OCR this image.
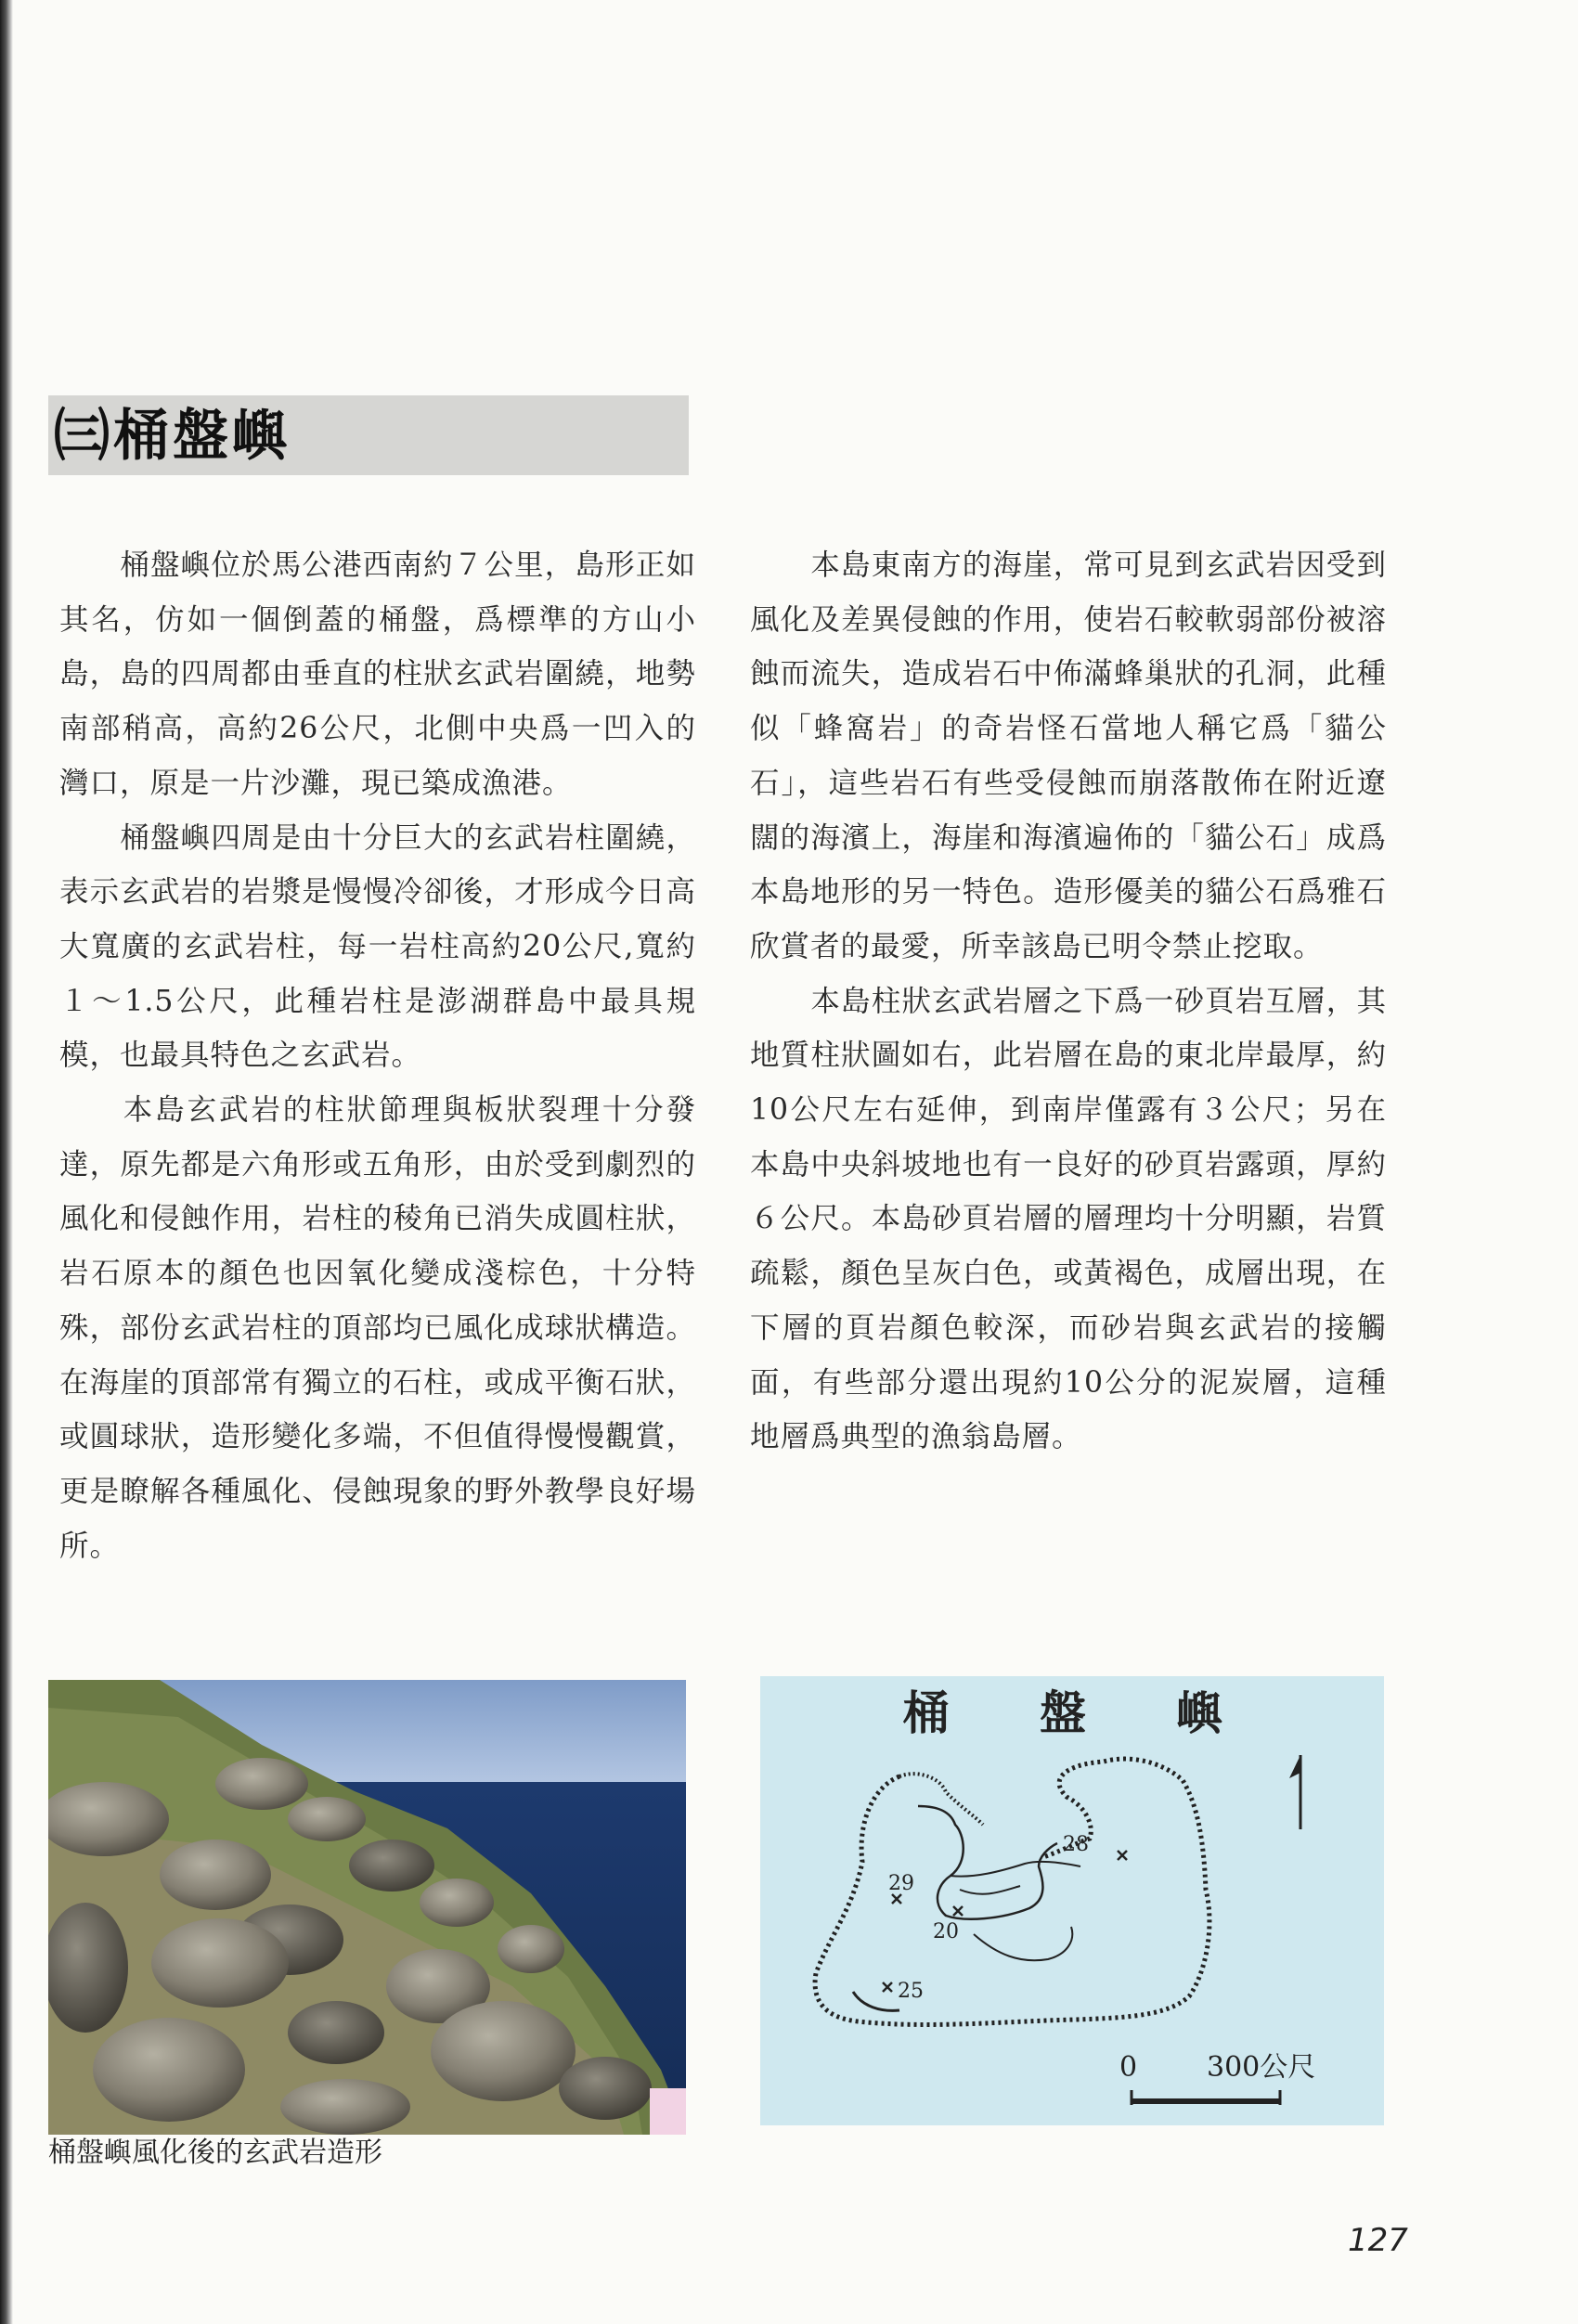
㈢桶盤嶼

　　桶盤嶼位於馬公港西南約７公里，島形正如其名，仿如一個倒蓋的桶盤，爲標準的方山小島，島的四周都由垂直的柱狀玄武岩圍繞，地勢南部稍高，高約26公尺，北側中央爲一凹入的灣口，原是一片沙灘，現已築成漁港。

　　桶盤嶼四周是由十分巨大的玄武岩柱圍繞，表示玄武岩的岩漿是慢慢冷卻後，才形成今日高大寬廣的玄武岩柱，每一岩柱高約20公尺,寬約１～1.5公尺，此種岩柱是澎湖群島中最具規模，也最具特色之玄武岩。

　　本島玄武岩的柱狀節理與板狀裂理十分發達，原先都是六角形或五角形，由於受到劇烈的風化和侵蝕作用，岩柱的稜角已消失成圓柱狀，岩石原本的顏色也因氧化變成淺棕色，十分特殊，部份玄武岩柱的頂部均已風化成球狀構造。在海崖的頂部常有獨立的石柱，或成平衡石狀，或圓球狀，造形變化多端，不但值得慢慢觀賞，更是瞭解各種風化、侵蝕現象的野外教學良好場所。

　　本島東南方的海崖，常可見到玄武岩因受到風化及差異侵蝕的作用，使岩石較軟弱部份被溶蝕而流失，造成岩石中佈滿蜂巢狀的孔洞，此種似「蜂窩岩」的奇岩怪石當地人稱它爲「貓公石」，這些岩石有些受侵蝕而崩落散佈在附近遼闊的海濱上，海崖和海濱遍佈的「貓公石」成爲本島地形的另一特色。造形優美的貓公石爲雅石欣賞者的最愛，所幸該島已明令禁止挖取。

　　本島柱狀玄武岩層之下爲一砂頁岩互層，其地質柱狀圖如右，此岩層在島的東北岸最厚，約10公尺左右延伸，到南岸僅露有３公尺；另在本島中央斜坡地也有一良好的砂頁岩露頭，厚約６公尺。本島砂頁岩層的層理均十分明顯，岩質疏鬆，顏色呈灰白色，或黃褐色，成層出現，在下層的頁岩顏色較深，而砂岩與玄武岩的接觸面，有些部分還出現約10公分的泥炭層，這種地層爲典型的漁翁島層。

桶盤嶼風化後的玄武岩造形
桶 盤 嶼
29
28
20
25
0 300公尺
127
